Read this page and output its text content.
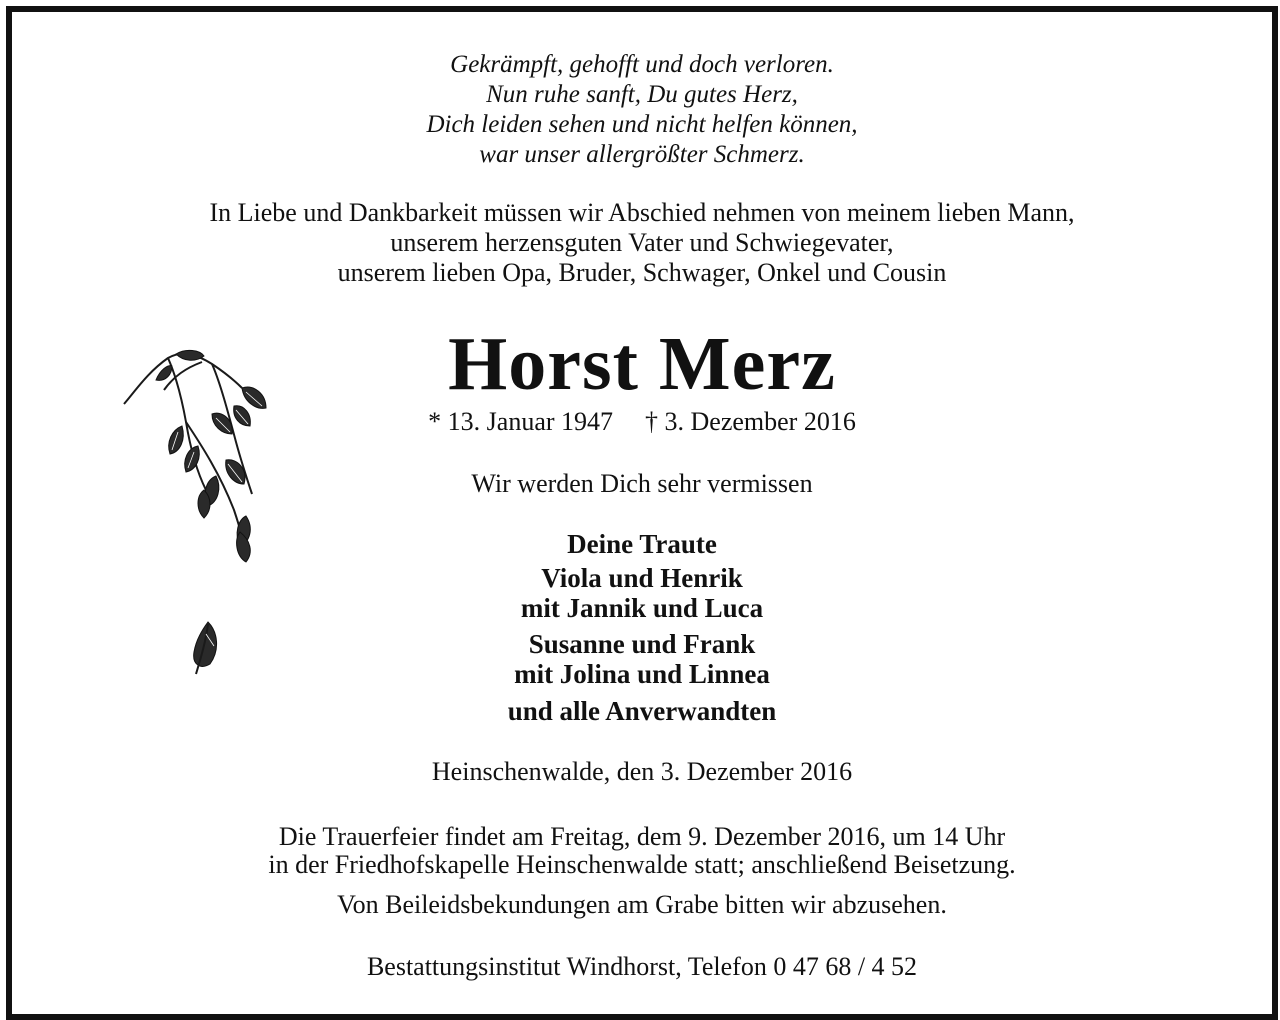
Gekrämpft, gehofft und doch verloren.
Nun ruhe sanft, Du gutes Herz,
Dich leiden sehen und nicht helfen können,
war unser allergrößter Schmerz.
In Liebe und Dankbarkeit müssen wir Abschied nehmen von meinem lieben Mann,
unserem herzensguten Vater und Schwiegevater,
unserem lieben Opa, Bruder, Schwager, Onkel und Cousin
Horst Merz
* 13. Januar 1947 † 3. Dezember 2016
Wir werden Dich sehr vermissen
Deine Traute
Viola und Henrik
mit Jannik und Luca
Susanne und Frank
mit Jolina und Linnea
und alle Anverwandten
Heinschenwalde, den 3. Dezember 2016
Die Trauerfeier findet am Freitag, dem 9. Dezember 2016, um 14 Uhr
in der Friedhofskapelle Heinschenwalde statt; anschließend Beisetzung.
Von Beileidsbekundungen am Grabe bitten wir abzusehen.
Bestattungsinstitut Windhorst, Telefon 0 47 68 / 4 52
